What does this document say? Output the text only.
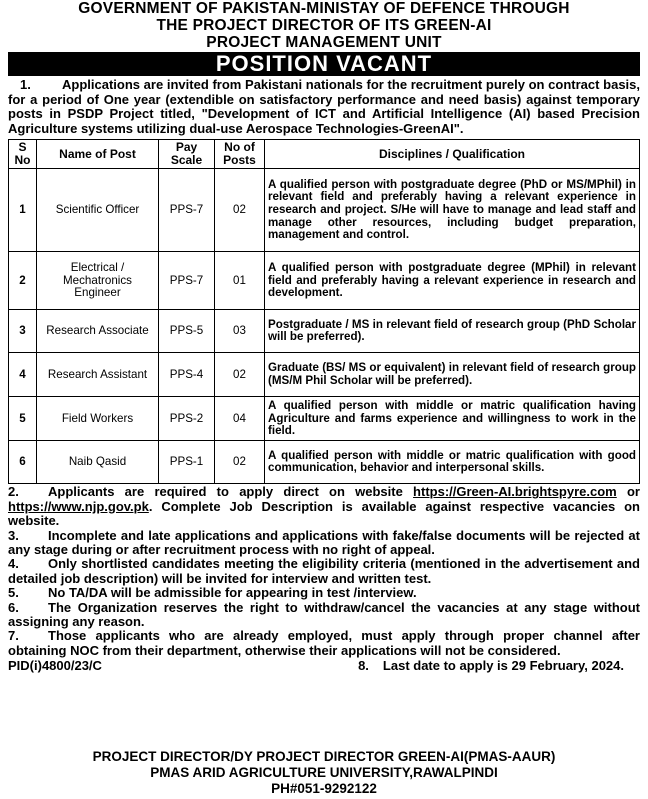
GOVERNMENT OF PAKISTAN-MINISTAY OF DEFENCE THROUGH
THE PROJECT DIRECTOR OF ITS GREEN-AI
PROJECT MANAGEMENT UNIT
POSITION VACANT
1. Applications are invited from Pakistani nationals for the recruitment purely on contract basis, for a period of One year (extendible on satisfactory performance and need basis) against temporary posts in PSDP Project titled, "Development of ICT and Artificial Intelligence (AI) based Precision Agriculture systems utilizing dual-use Aerospace Technologies-GreenAI".
S No	Name of Post	Pay Scale	No of Posts	Disciplines / Qualification
1	Scientific Officer	PPS-7	02	A qualified person with postgraduate degree (PhD or MS/MPhil) in relevant field and preferably having a relevant experience in research and project. S/He will have to manage and lead staff and manage other resources, including budget preparation, management and control.
2	Electrical / Mechatronics Engineer	PPS-7	01	A qualified person with postgraduate degree (MPhil) in relevant field and preferably having a relevant experience in research and development.
3	Research Associate	PPS-5	03	Postgraduate / MS in relevant field of research group (PhD Scholar will be preferred).
4	Research Assistant	PPS-4	02	Graduate (BS/ MS or equivalent) in relevant field of research group (MS/M Phil Scholar will be preferred).
5	Field Workers	PPS-2	04	A qualified person with middle or matric qualification having Agriculture and farms experience and willingness to work in the field.
6	Naib Qasid	PPS-1	02	A qualified person with middle or matric qualification with good communication, behavior and interpersonal skills.
2. Applicants are required to apply direct on website https://Green-AI.brightspyre.com or https://www.njp.gov.pk. Complete Job Description is available against respective vacancies on website.
3. Incomplete and late applications and applications with fake/false documents will be rejected at any stage during or after recruitment process with no right of appeal.
4. Only shortlisted candidates meeting the eligibility criteria (mentioned in the advertisement and detailed job description) will be invited for interview and written test.
5. No TA/DA will be admissible for appearing in test /interview.
6. The Organization reserves the right to withdraw/cancel the vacancies at any stage without assigning any reason.
7. Those applicants who are already employed, must apply through proper channel after obtaining NOC from their department, otherwise their applications will not be considered.
PID(i)4800/23/C	8. Last date to apply is 29 February, 2024.
PROJECT DIRECTOR/DY PROJECT DIRECTOR GREEN-AI(PMAS-AAUR)
PMAS ARID AGRICULTURE UNIVERSITY,RAWALPINDI
PH#051-9292122
